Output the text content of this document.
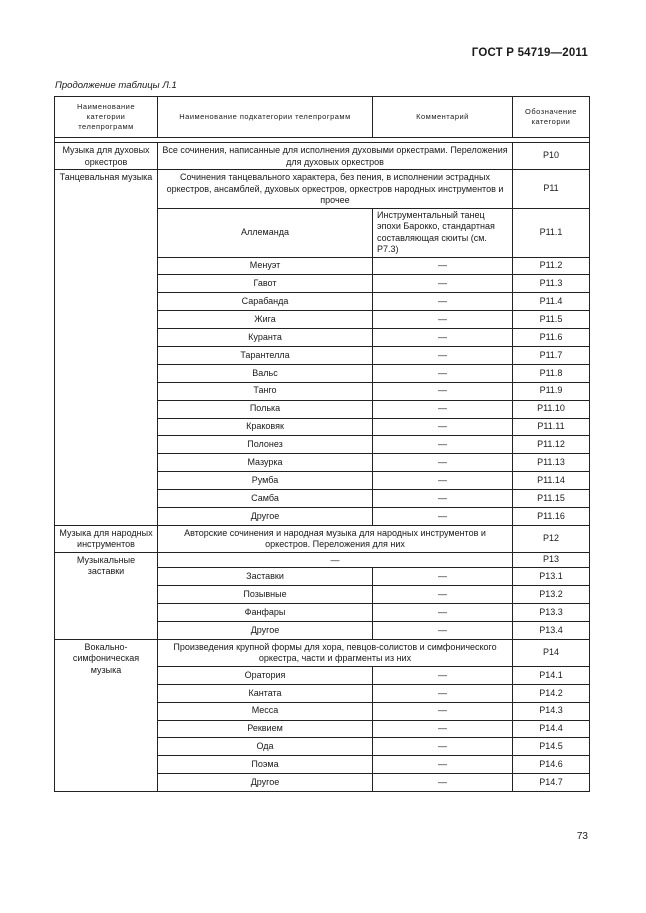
ГОСТ Р 54719—2011
Продолжение таблицы Л.1
Наименование категории телепрограмм	Наименование подкатегории телепрограмм	Комментарий	Обозначение категории

Музыка для духовых оркестров	Все сочинения, написанные для исполнения духовыми оркестрами. Переложения для духовых оркестров		P10
Танцевальная музыка	Сочинения танцевального характера, без пения, в исполнении эстрадных оркестров, ансамблей, духовых оркестров, оркестров народных инструментов и прочее		P11
	Аллеманда	Инструментальный танец эпохи Барокко, стандартная составляющая сюиты (см. P7.3)	P11.1
	Менуэт	—	P11.2
	Гавот	—	P11.3
	Сарабанда	—	P11.4
	Жига	—	P11.5
	Куранта	—	P11.6
	Тарантелла	—	P11.7
	Вальс	—	P11.8
	Танго	—	P11.9
	Полька	—	P11.10
	Краковяк	—	P11.11
	Полонез	—	P11.12
	Мазурка	—	P11.13
	Румба	—	P11.14
	Самба	—	P11.15
	Другое	—	P11.16
Музыка для народных инструментов	Авторские сочинения и народная музыка для народных инструментов и оркестров. Переложения для них		P12
Музыкальные заставки	—		P13
	Заставки	—	P13.1
	Позывные	—	P13.2
	Фанфары	—	P13.3
	Другое	—	P13.4
Вокально-симфоническая музыка	Произведения крупной формы для хора, певцов-солистов и симфонического оркестра, части и фрагменты из них		P14
	Оратория	—	P14.1
	Кантата	—	P14.2
	Месса	—	P14.3
	Реквием	—	P14.4
	Ода	—	P14.5
	Поэма	—	P14.6
	Другое	—	P14.7
73
